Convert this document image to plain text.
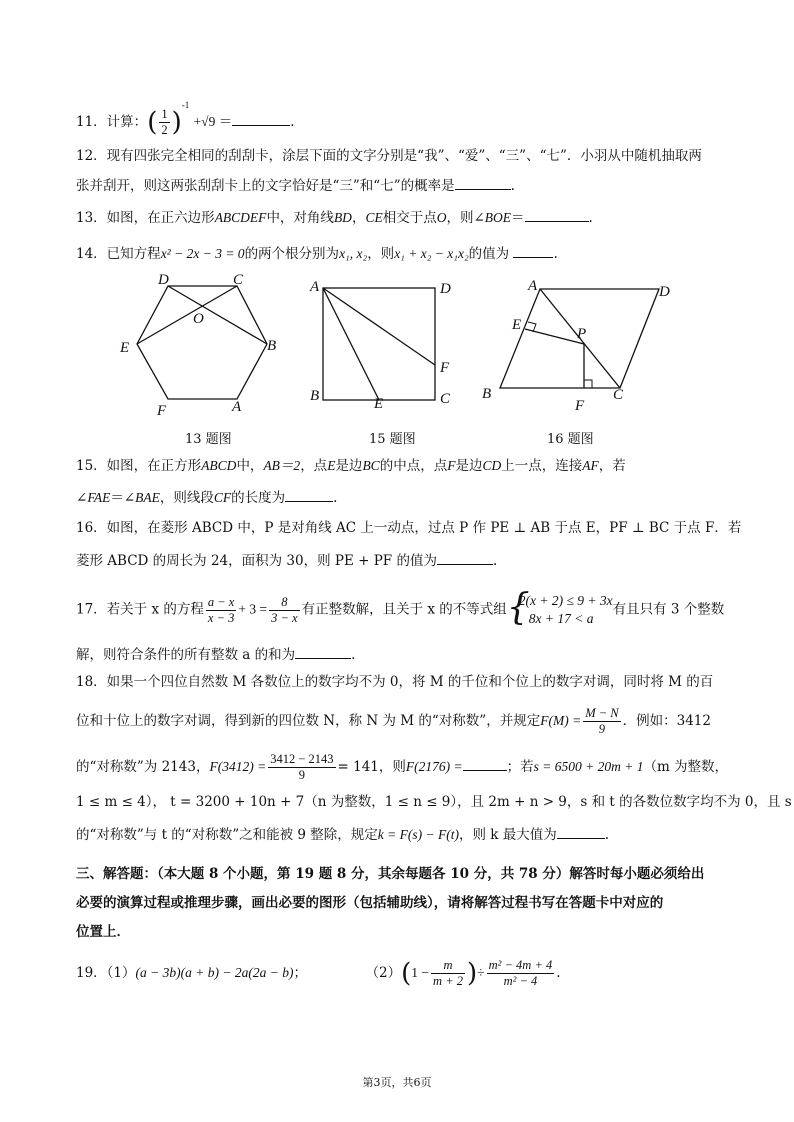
11．计算：( $\frac{1}{2} )^{-1} +√9$ ＝	.
12．现有四张完全相同的刮刮卡，涂层下面的文字分别是“我”、“爱”、“三”、“七”．小羽从中随机抽取两
张并刮开，则这两张刮刮卡上的文字恰好是“三”和“七”的概率是	.
13．如图，在正六边形ABCDEF中，对角线BD，CE相交于点O，则∠BOE＝	.
14．已知方程x² − 2x − 3 = 0的两个根分别为x₁, x₂，则x₁ + x₂ − x₁x₂的值为	.
D	C
O
E	B
F	A
13 题图
A	D
F
B	E	C
15 题图
A	D
E
P
B
F
C
16 题图
15．如图，在正方形ABCD中，AB＝2，点E是边BC的中点，点F是边CD上一点，连接AF，若
∠FAE＝∠BAE，则线段CF的长度为	.
16．如图，在菱形 ABCD 中，P 是对角线 AC 上一动点，过点 P 作 PE ⊥ AB 于点 E，PF ⊥ BC 于点 F．若
菱形 ABCD 的周长为 24，面积为 30，则 PE + PF 的值为	.
17．若关于 x 的方程 $\frac{a - x}{x - 3} + 3 = \frac{8}{3 - x}$ 有正整数解，且关于 x 的不等式组 {
2(x + 2) ≤ 9 + 3x
8x + 17 < a
有且只有 3 个整数
解，则符合条件的所有整数 a 的和为	.
18．如果一个四位自然数 M 各数位上的数字均不为 0，将 M 的千位和个位上的数字对调，同时将 M 的百
位和十位上的数字对调，得到新的四位数 N，称 N 为 M 的“对称数”，并规定$F(M) = \frac{M - N}{9}$ ．例如：3412
的“对称数”为 2143，$F(3412) = \frac{3412 - 2143}{9} = 141$，则F(2176) =	；若s = 6500 + 20m + 1（m 为整数，
1 ≤ m ≤ 4）， t = 3200 + 10n + 7（n 为整数，1 ≤ n ≤ 9），且 2m + n > 9，s 和 t 的各数位数字均不为 0，且 s
的“对称数”与 t 的“对称数”之和能被 9 整除，规定k = F(s) − F(t)，则 k 最大值为	.
三、解答题：（本大题 8 个小题，第 19 题 8 分，其余每题各 10 分，共 78 分）解答时每小题必须给出
必要的演算过程或推理步骤，画出必要的图形（包括辅助线），请将解答过程书写在答题卡中对应的
位置上．
19．（1）(a − 3b)(a + b) − 2a(2a − b)；	$(2)(1 - \frac{m}{m + 2}$ )÷ $\frac{\text{m² − 4m + 4}}{\text{m² − 4}}$ .
第3页，共6页
